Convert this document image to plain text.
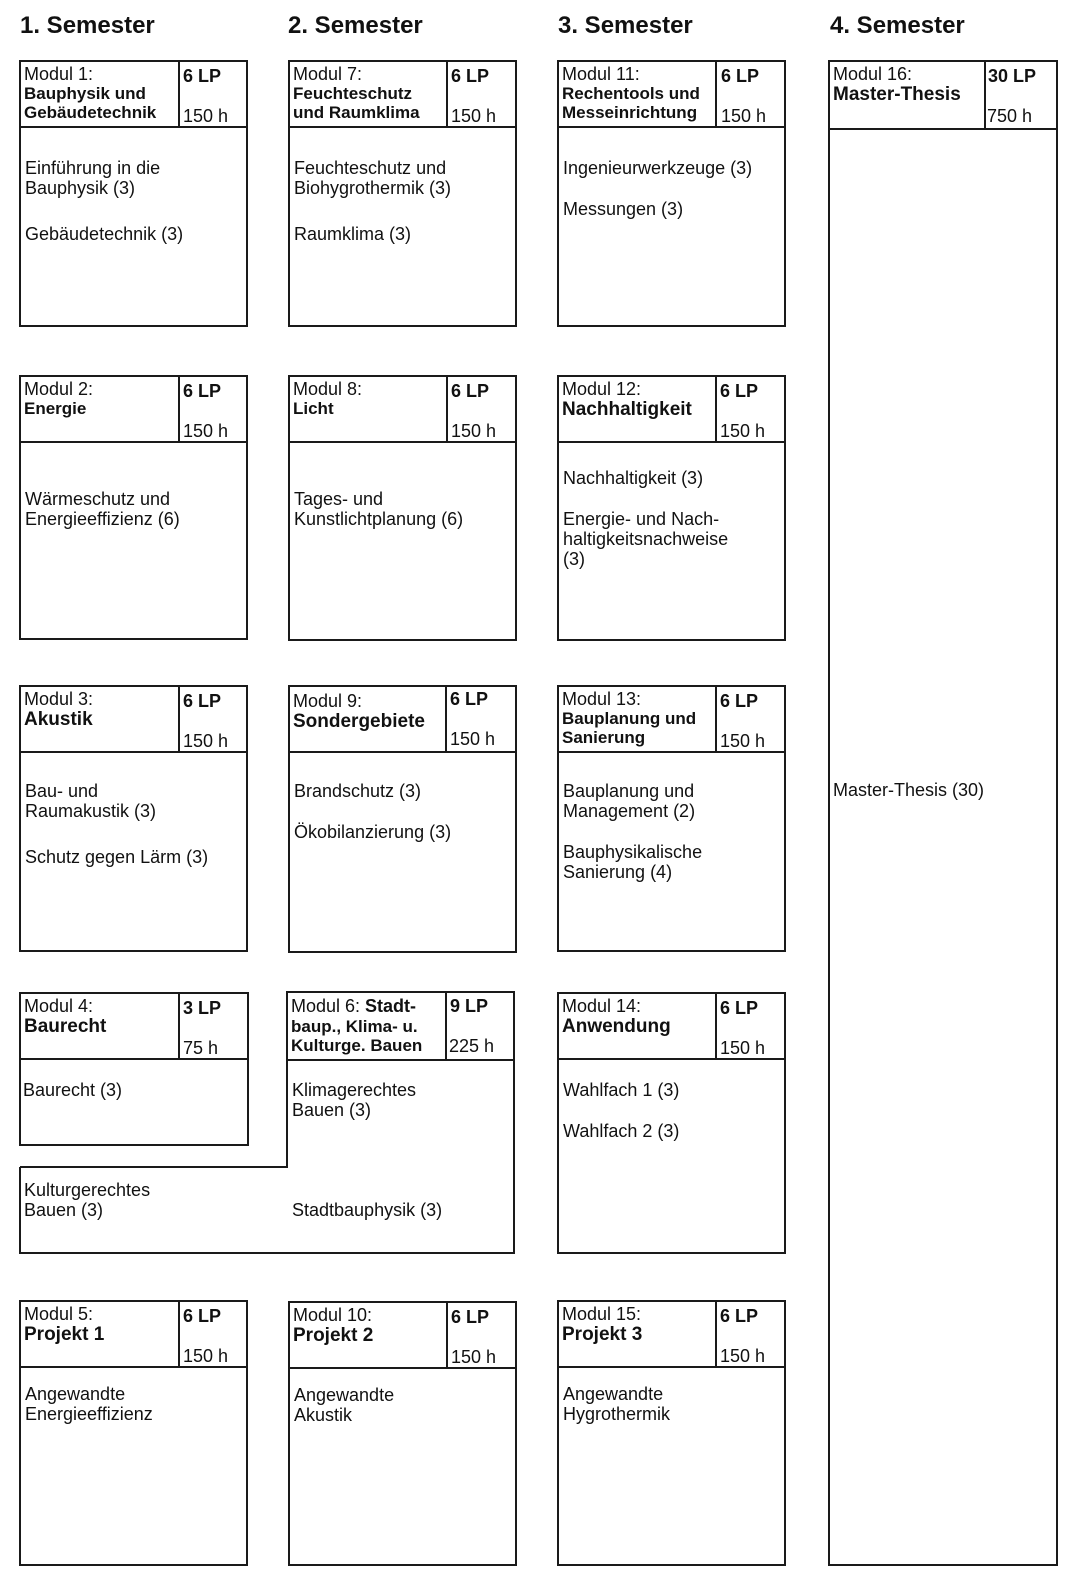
1. Semester	2. Semester	3. Semester	4. Semester
Modul 1:
Bauphysik und
Gebäudetechnik
6 LP
150 h
Einführung in die
Bauphysik (3)
Gebäudetechnik (3)
Modul 2:
Energie
6 LP
150 h
Wärmeschutz und
Energieeffizienz (6)
Modul 3:
Akustik
6 LP
150 h
Bau- und
Raumakustik (3)
Schutz gegen Lärm (3)
Modul 4:
Baurecht
3 LP
75 h
Baurecht (3)
Modul 5:
Projekt 1
6 LP
150 h
Angewandte
Energieeffizienz
Modul 7:
Feuchteschutz
und Raumklima
6 LP
150 h
Feuchteschutz und
Biohygrothermik (3)
Raumklima (3)
Modul 8:
Licht
6 LP
150 h
Tages- und
Kunstlichtplanung (6)
Modul 9:
Sondergebiete
6 LP
150 h
Brandschutz (3)
Ökobilanzierung (3)
Modul 10:
Projekt 2
6 LP
150 h
Angewandte
Akustik
Modul 6: Stadt-
baup., Klima- u.
Kulturge. Bauen
9 LP
225 h
Klimagerechtes
Bauen (3)
Kulturgerechtes
Bauen (3)	Stadtbauphysik (3)
Modul 11:
Rechentools und
Messeinrichtung
6 LP
150 h
Ingenieurwerkzeuge (3)
Messungen (3)
Modul 12:
Nachhaltigkeit
6 LP
150 h
Nachhaltigkeit (3)
Energie- und Nach-
haltigkeitsnachweise
(3)
Modul 13:
Bauplanung und
Sanierung
6 LP
150 h
Bauplanung und
Management (2)
Bauphysikalische
Sanierung (4)
Modul 14:
Anwendung
6 LP
150 h
Wahlfach 1 (3)
Wahlfach 2 (3)
Modul 15:
Projekt 3
6 LP
150 h
Angewandte
Hygrothermik
Modul 16:
Master-Thesis
30 LP
750 h
Master-Thesis (30)
